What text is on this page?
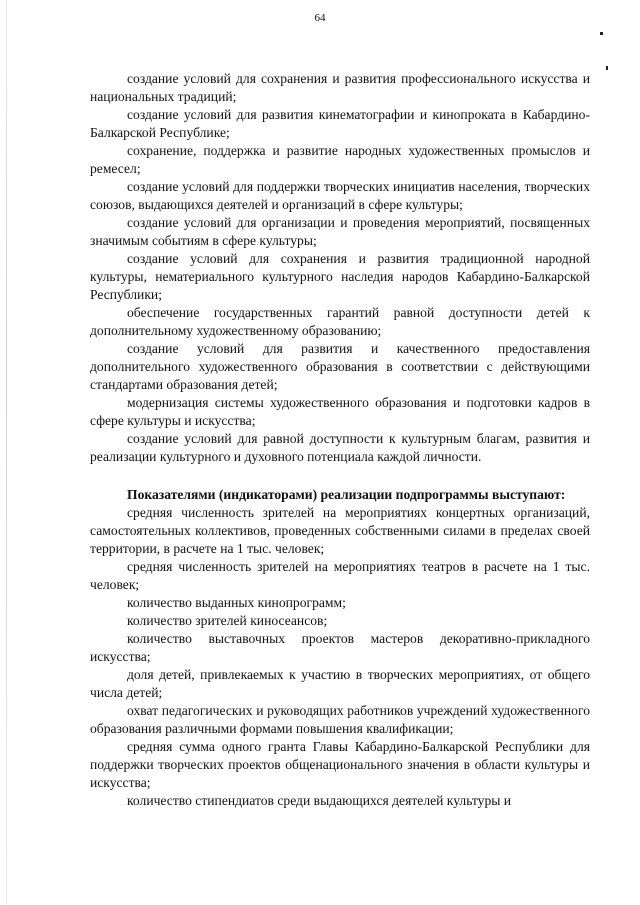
64

создание условий для сохранения и развития профессионального искусства и национальных традиций;

создание условий для развития кинематографии и кинопроката в Кабардино-Балкарской Республике;

сохранение, поддержка и развитие народных художественных промыслов и ремесел;

создание условий для поддержки творческих инициатив населения, творческих союзов, выдающихся деятелей и организаций в сфере культуры;

создание условий для организации и проведения мероприятий, посвященных значимым событиям в сфере культуры;

создание условий для сохранения и развития традиционной народной культуры, нематериального культурного наследия народов Кабардино-Балкарской Республики;

обеспечение государственных гарантий равной доступности детей к дополнительному художественному образованию;

создание условий для развития и качественного предоставления дополнительного художественного образования в соответствии с действующими стандартами образования детей;

модернизация системы художественного образования и подготовки кадров в сфере культуры и искусства;

создание условий для равной доступности к культурным благам, развития и реализации культурного и духовного потенциала каждой личности.

Показателями (индикаторами) реализации подпрограммы выступают:

средняя численность зрителей на мероприятиях концертных организаций, самостоятельных коллективов, проведенных собственными силами в пределах своей территории, в расчете на 1 тыс. человек;

средняя численность зрителей на мероприятиях театров в расчете на 1 тыс. человек;

количество выданных кинопрограмм;

количество зрителей киносеансов;

количество выставочных проектов мастеров декоративно-прикладного искусства;

доля детей, привлекаемых к участию в творческих мероприятиях, от общего числа детей;

охват педагогических и руководящих работников учреждений художественного образования различными формами повышения квалификации;

средняя сумма одного гранта Главы Кабардино-Балкарской Республики для поддержки творческих проектов общенационального значения в области культуры и искусства;

количество стипендиатов среди выдающихся деятелей культуры и
